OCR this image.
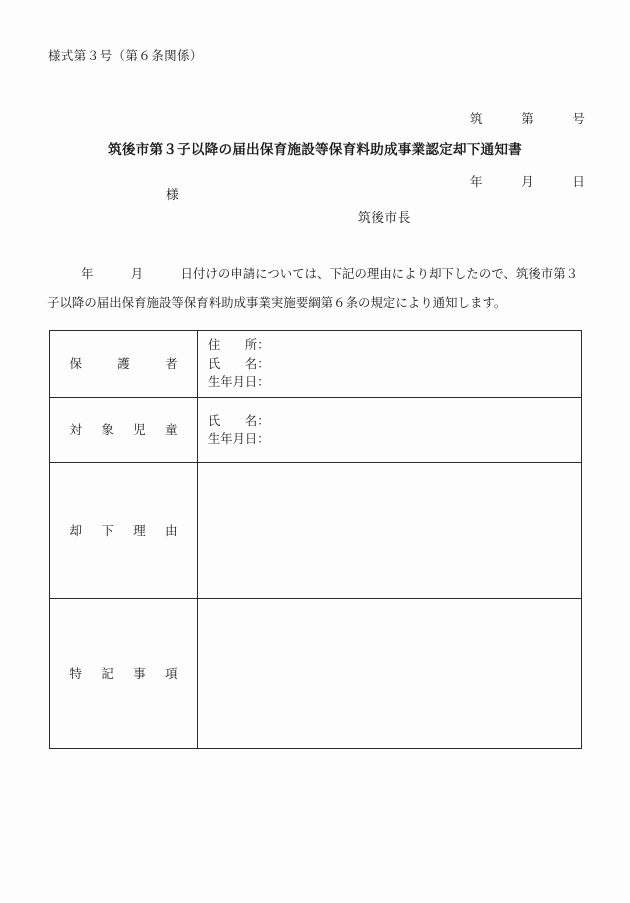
様式第３号（第６条関係）

筑　　　第　　　号

年　　　月　　　日

筑後市第３子以降の届出保育施設等保育料助成事業認定却下通知書
様
筑後市長
年　　　月　　　日付けの申請については、下記の理由により却下したので、筑後市第３子以降の届出保育施設等保育料助成事業実施要綱第６条の規定により通知します。
保護者	住　　所：
氏　　名：
生年月日：

対象児童	氏　　名：
生年月日：

却下理由	

特記事項	
